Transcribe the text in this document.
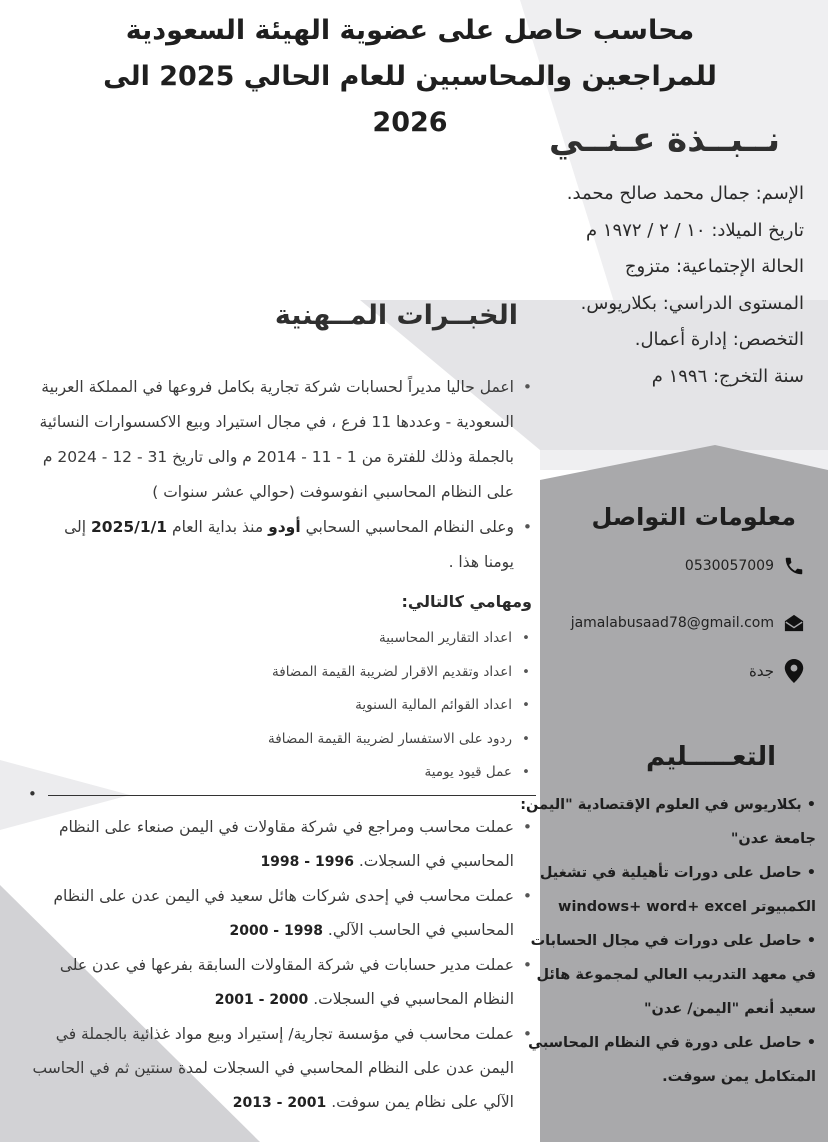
محاسب حاصل على عضوية الهيئة السعودية
للمراجعين والمحاسبين للعام الحالي 2025 الى
2026	نــبــذة عـنــي
الإسم: جمال محمد صالح محمد.
تاريخ الميلاد: ١٠ / ٢ / ١٩٧٢ م
الحالة الإجتماعية: متزوج
المستوى الدراسي: بكلاريوس.
التخصص: إدارة أعمال.
سنة التخرج: ١٩٩٦ م
الخبــرات المــهنية
• اعمل حاليا مديراً لحسابات شركة تجارية بكامل فروعها في المملكة العربية السعودية - وعددها 11 فرع ، في مجال استيراد وبيع الاكسسوارات النسائية بالجملة وذلك للفترة من 1 - 11 - 2014 م والى تاريخ 31 - 12 - 2024 م على النظام المحاسبي انفوسوفت (حوالي عشر سنوات )
• وعلى النظام المحاسبي السحابي أودو منذ بداية العام 2025/1/1 إلى يومنا هذا .
ومهامي كالتالي:
• اعداد التقارير المحاسبية
• اعداد وتقديم الاقرار لضريبة القيمة المضافة
• اعداد القوائم المالية السنوية
• ردود على الاستفسار لضريبة القيمة المضافة
• عمل قيود يومية
•
• عملت محاسب ومراجع في شركة مقاولات في اليمن صنعاء على النظام المحاسبي في السجلات. 1996 - 1998
• عملت محاسب في إحدى شركات هائل سعيد في اليمن عدن على النظام المحاسبي في الحاسب الآلي. 1998 - 2000
• عملت مدير حسابات في شركة المقاولات السابقة بفرعها في عدن على النظام المحاسبي في السجلات. 2000 - 2001
• عملت محاسب في مؤسسة تجارية/ إستيراد وبيع مواد غذائية بالجملة في اليمن عدن على النظام المحاسبي في السجلات لمدة سنتين ثم في الحاسب الآلي على نظام يمن سوفت. 2001 - 2013
معلومات التواصل
0530057009
jamalabusaad78@gmail.com
جدة
التعـــــليم
• بكلاريوس في العلوم الإقتصادية "اليمن: جامعة عدن"
• حاصل على دورات تأهيلية في تشغيل الكمبيوتر windows+ word+ excel
• حاصل على دورات في مجال الحسابات في معهد التدريب العالي لمجموعة هائل سعيد أنعم "اليمن/ عدن"
• حاصل على دورة في النظام المحاسبي المتكامل يمن سوفت.
